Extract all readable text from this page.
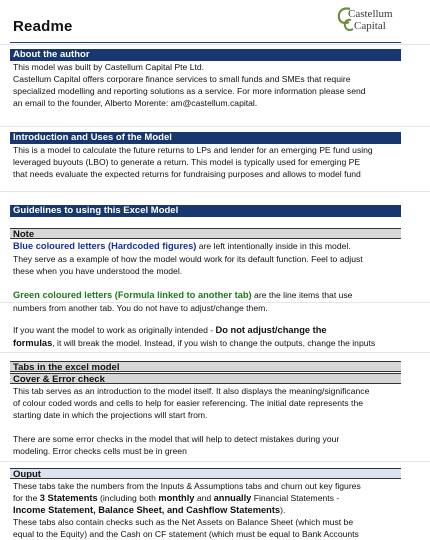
Readme
Castellum
Capital
About the author
This model was built by Castellum Capital Pte Ltd.
Castellum Capital offers corporare finance services to small funds and SMEs that require
specialized modelling and reporting solutions as a service. For more information please send
an email to the founder, Alberto Morente: am@castellum.capital.
Introduction and Uses of the Model
This is a model to calculate the future returns to LPs and lender for an emerging PE fund using
leveraged buyouts (LBO) to generate a return. This model is typically used for emerging PE
that needs evaluate the expected returns for fundraising purposes and allows to model fund
Guidelines to using this Excel Model
Note
Blue coloured letters (Hardcoded figures) are left intentionally inside in this model.
They serve as a example of how the model would work for its default function. Feel to adjust
these when you have understood the model.
Green coloured letters (Formula linked to another tab) are the line items that use
numbers from another tab. You do not have to adjust/change them.
If you want the model to work as originally intended - Do not adjust/change the
formulas, it will break the model. Instead, if you wish to change the outputs, change the inputs
Tabs in the excel model
Cover & Error check
This tab serves as an introduction to the model itself. It also displays the meaning/significance
of colour coded words and cells to help for easier referencing. The initial date represents the
starting date in which the projections will start from.
There are some error checks in the model that will help to detect mistakes during your
modeling. Error checks cells must be in green
Ouput
These tabs take the numbers from the Inputs & Assumptions tabs and churn out key figures
for the 3 Statements (including both monthly and annually Financial Statements -
Income Statement, Balance Sheet, and Cashflow Statements).
These tabs also contain checks such as the Net Assets on Balance Sheet (which must be
equal to the Equity) and the Cash on CF statement (which must be equal to Bank Accounts
